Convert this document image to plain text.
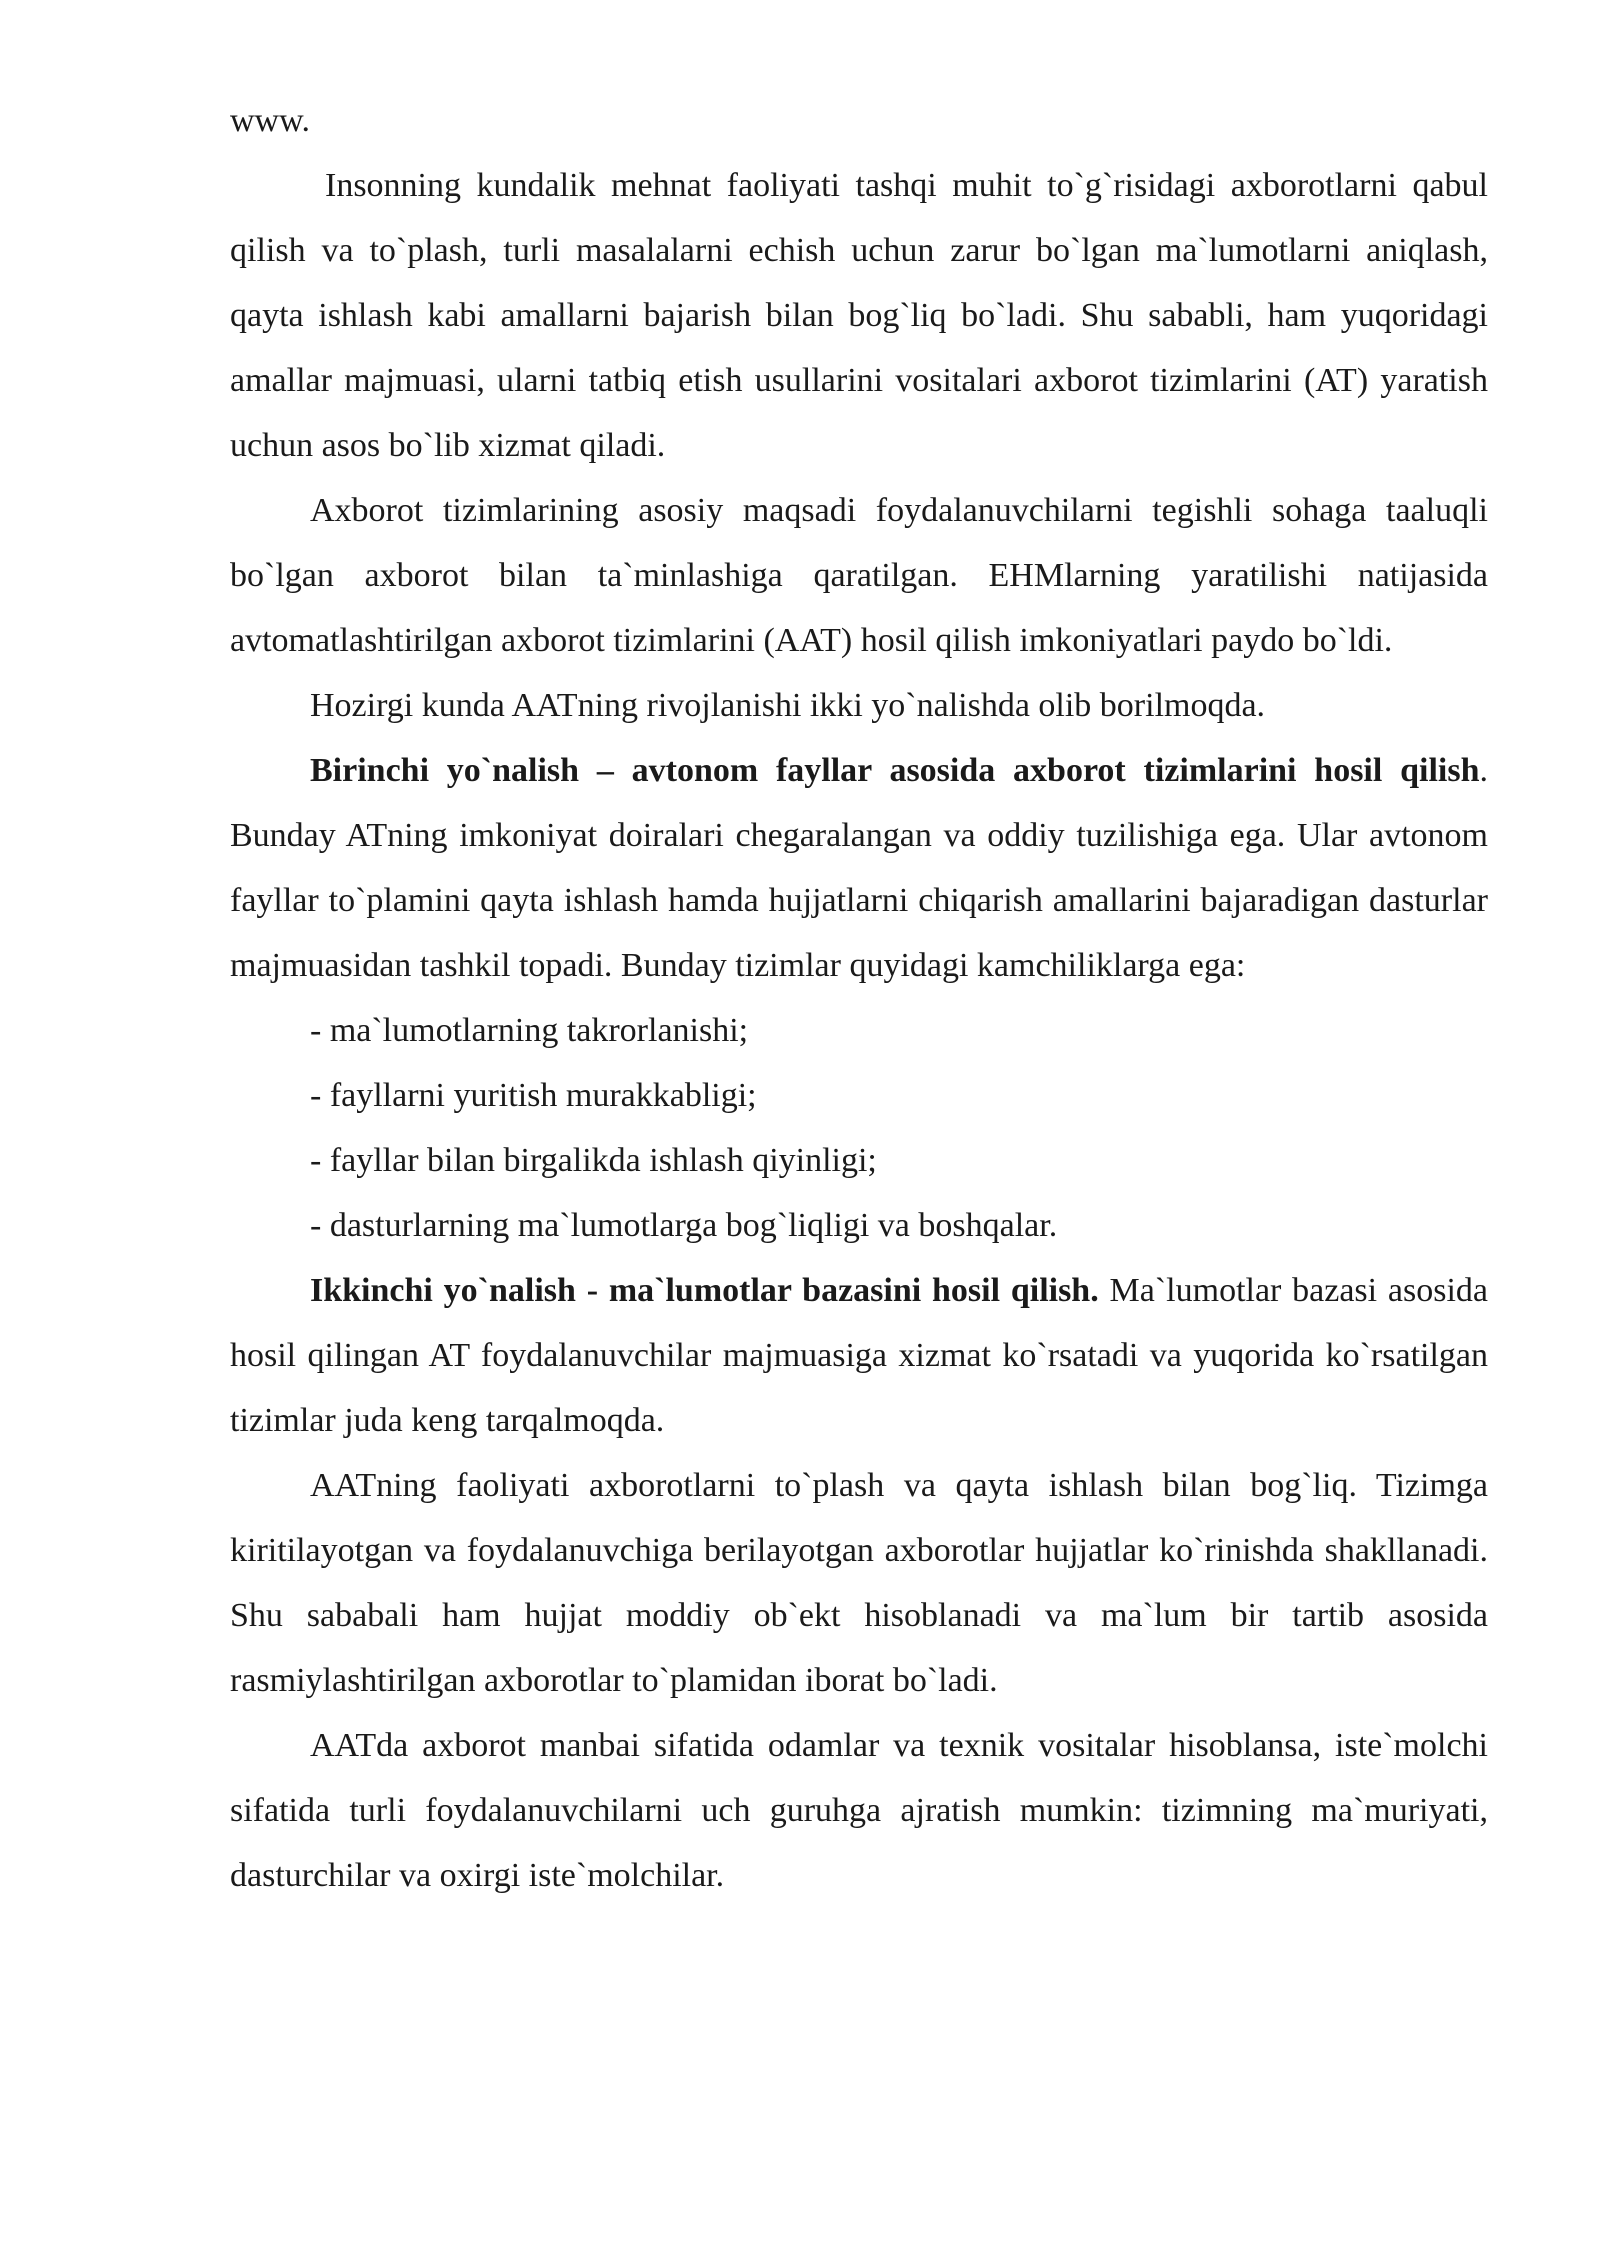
www.

Insonning kundalik mehnat faoliyati tashqi muhit to`g`risidagi axborotlarni qabul qilish va to`plash, turli masalalarni echish uchun zarur bo`lgan ma`lumotlarni aniqlash, qayta ishlash kabi amallarni bajarish bilan bog`liq bo`ladi. Shu sababli, ham yuqoridagi amallar majmuasi, ularni tatbiq etish usullarini vositalari axborot tizimlarini (AT) yaratish uchun asos bo`lib xizmat qiladi.

Axborot tizimlarining asosiy maqsadi foydalanuvchilarni tegishli sohaga taaluqli bo`lgan axborot bilan ta`minlashiga qaratilgan. EHMlarning yaratilishi natijasida avtomatlashtirilgan axborot tizimlarini (AAT) hosil qilish imkoniyatlari paydo bo`ldi.

Hozirgi kunda AATning rivojlanishi ikki yo`nalishda olib borilmoqda.

Birinchi yo`nalish – avtonom fayllar asosida axborot tizimlarini hosil qilish. Bunday ATning imkoniyat doiralari chegaralangan va oddiy tuzilishiga ega. Ular avtonom fayllar to`plamini qayta ishlash hamda hujjatlarni chiqarish amallarini bajaradigan dasturlar majmuasidan tashkil topadi. Bunday tizimlar quyidagi kamchiliklarga ega:

- ma`lumotlarning takrorlanishi;
- fayllarni yuritish murakkabligi;
- fayllar bilan birgalikda ishlash qiyinligi;
- dasturlarning ma`lumotlarga bog`liqligi va boshqalar.

Ikkinchi yo`nalish - ma`lumotlar bazasini hosil qilish. Ma`lumotlar bazasi asosida hosil qilingan AT foydalanuvchilar majmuasiga xizmat ko`rsatadi va yuqorida ko`rsatilgan tizimlar juda keng tarqalmoqda.

AATning faoliyati axborotlarni to`plash va qayta ishlash bilan bog`liq. Tizimga kiritilayotgan va foydalanuvchiga berilayotgan axborotlar hujjatlar ko`rinishda shakllanadi. Shu sababali ham hujjat moddiy ob`ekt hisoblanadi va ma`lum bir tartib asosida rasmiylashtirilgan axborotlar to`plamidan iborat bo`ladi.

AATda axborot manbai sifatida odamlar va texnik vositalar hisoblansa, iste`molchi sifatida turli foydalanuvchilarni uch guruhga ajratish mumkin: tizimning ma`muriyati, dasturchilar va oxirgi iste`molchilar.
